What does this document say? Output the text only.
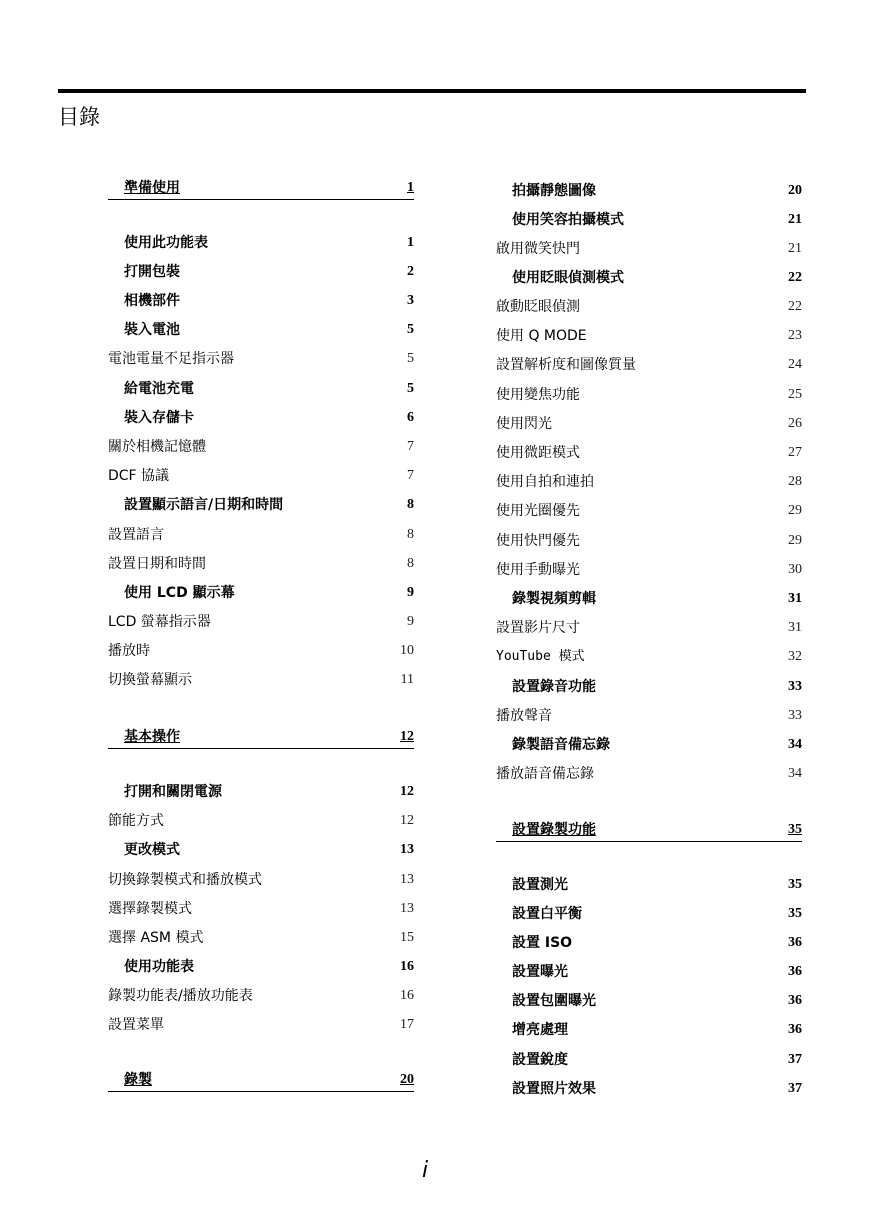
目錄
準備使用	1
使用此功能表	1
打開包裝	2
相機部件	3
裝入電池	5
電池電量不足指示器	5
給電池充電	5
裝入存儲卡	6
關於相機記憶體	7
DCF 協議	7
設置顯示語言/日期和時間	8
設置語言	8
設置日期和時間	8
使用 LCD 顯示幕	9
LCD 螢幕指示器	9
播放時	10
切換螢幕顯示	11
基本操作	12
打開和關閉電源	12
節能方式	12
更改模式	13
切換錄製模式和播放模式	13
選擇錄製模式	13
選擇 ASM 模式	15
使用功能表	16
錄製功能表/播放功能表	16
設置菜單	17
錄製	20
拍攝靜態圖像	20
使用笑容拍攝模式	21
啟用微笑快門	21
使用眨眼偵測模式	22
啟動眨眼偵測	22
使用 Q MODE	23
設置解析度和圖像質量	24
使用變焦功能	25
使用閃光	26
使用微距模式	27
使用自拍和連拍	28
使用光圈優先	29
使用快門優先	29
使用手動曝光	30
錄製視頻剪輯	31
設置影片尺寸	31
YouTube 模式	32
設置錄音功能	33
播放聲音	33
錄製語音備忘錄	34
播放語音備忘錄	34
設置錄製功能	35
設置測光	35
設置白平衡	35
設置 ISO	36
設置曝光	36
設置包圍曝光	36
增亮處理	36
設置銳度	37
設置照片效果	37
i
